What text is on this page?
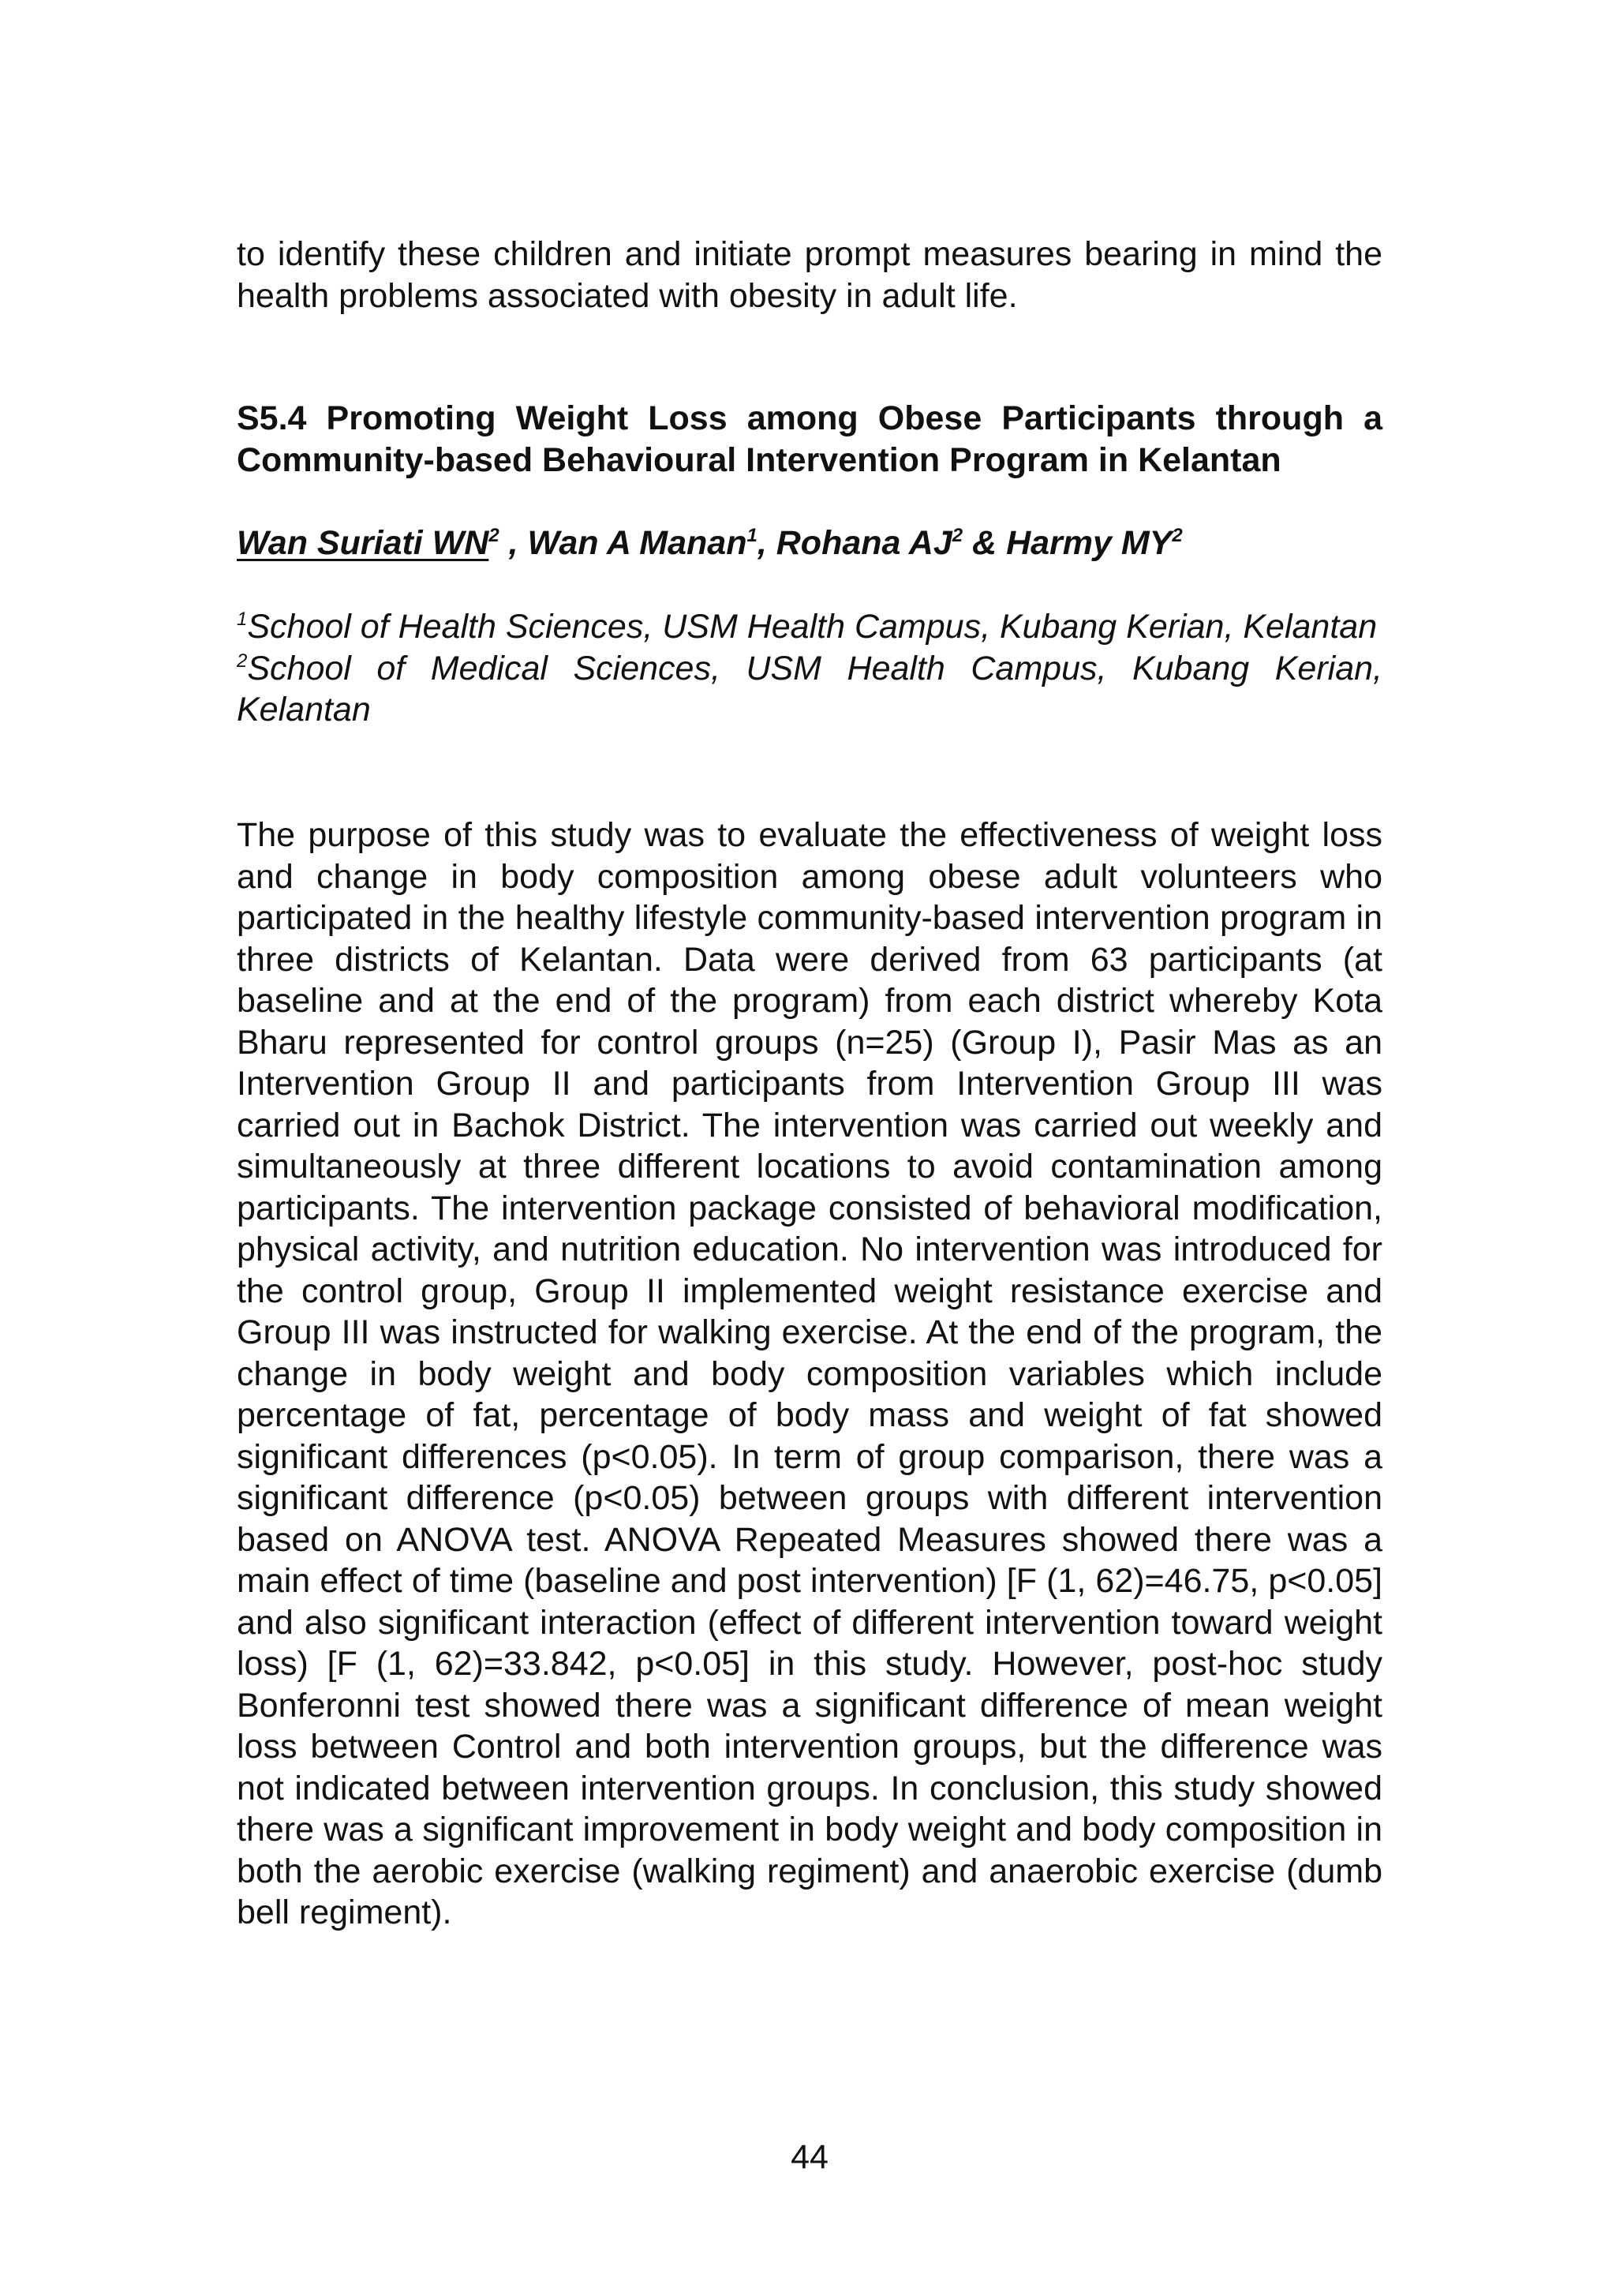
to identify these children and initiate prompt measures bearing in mind the health problems associated with obesity in adult life.

S5.4 Promoting Weight Loss among Obese Participants through a
Community-based Behavioural Intervention Program in Kelantan

Wan Suriati $WN^2$ , Wan A Manan$^1$, Rohana $AJ^2$ & Harmy $MY^2$

$^1$School of Health Sciences, USM Health Campus, Kubang Kerian, Kelantan

$^2$School of Medical Sciences, USM Health Campus, Kubang Kerian, Kelantan

The purpose of this study was to evaluate the effectiveness of weight loss and change in body composition among obese adult volunteers who participated in the healthy lifestyle community-based intervention program in three districts of Kelantan. Data were derived from 63 participants (at baseline and at the end of the program) from each district whereby Kota Bharu represented for control groups (n=25) (Group I), Pasir Mas as an Intervention Group II and participants from Intervention Group III was carried out in Bachok District. The intervention was carried out weekly and simultaneously at three different locations to avoid contamination among participants. The intervention package consisted of behavioral modification, physical activity, and nutrition education. No intervention was introduced for the control group, Group II implemented weight resistance exercise and Group III was instructed for walking exercise. At the end of the program, the change in body weight and body composition variables which include percentage of fat, percentage of body mass and weight of fat showed significant differences (p<0.05). In term of group comparison, there was a significant difference (p<0.05) between groups with different intervention based on ANOVA test. ANOVA Repeated Measures showed there was a main effect of time (baseline and post intervention) [F (1, 62)=46.75, p<0.05] and also significant interaction (effect of different intervention toward weight loss) [F (1, 62)=33.842, p<0.05] in this study. However, post-hoc study Bonferonni test showed there was a significant difference of mean weight loss between Control and both intervention groups, but the difference was not indicated between intervention groups. In conclusion, this study showed there was a significant improvement in body weight and body composition in both the aerobic exercise (walking regiment) and anaerobic exercise (dumb bell regiment).

44
